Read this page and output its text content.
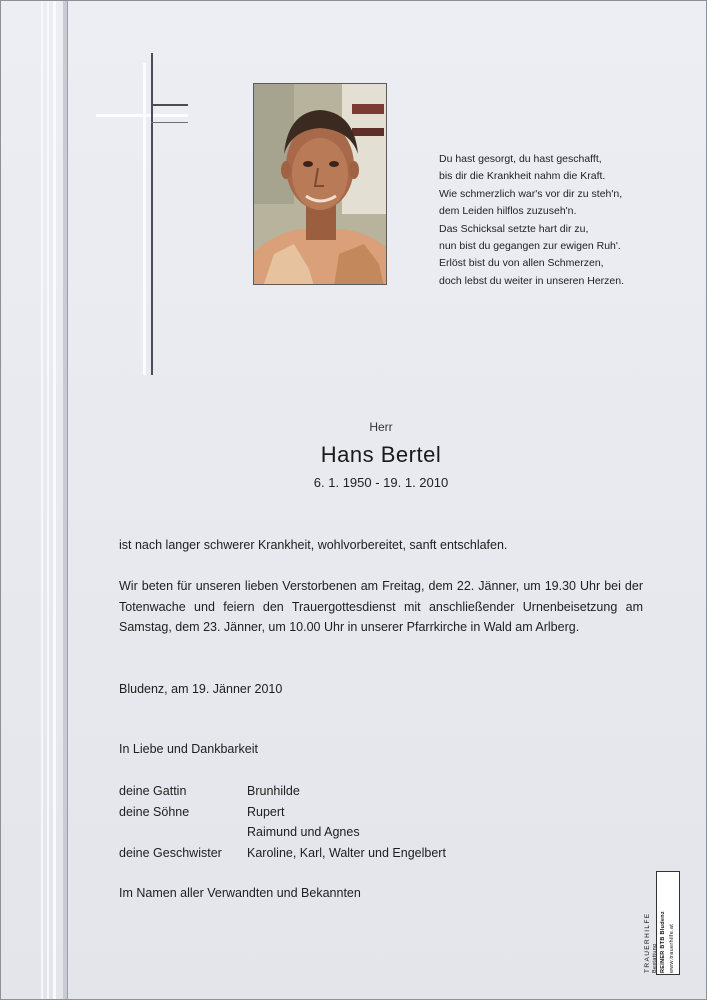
Du hast gesorgt, du hast geschafft,
bis dir die Krankheit nahm die Kraft.
Wie schmerzlich war's vor dir zu steh'n,
dem Leiden hilflos zuzuseh'n.
Das Schicksal setzte hart dir zu,
nun bist du gegangen zur ewigen Ruh'.
Erlöst bist du von allen Schmerzen,
doch lebst du weiter in unseren Herzen.
Herr
Hans Bertel
6. 1. 1950 - 19. 1. 2010
ist nach langer schwerer Krankheit, wohlvorbereitet, sanft entschlafen.
Wir beten für unseren lieben Verstorbenen am Freitag, dem 22. Jänner, um 19.30 Uhr bei der Totenwache und feiern den Trauergottesdienst mit anschließender Urnenbeisetzung am Samstag, dem 23. Jänner, um 10.00 Uhr in unserer Pfarrkirche in Wald am Arlberg.
Bludenz, am 19. Jänner 2010
In Liebe und Dankbarkeit
deine Gattin	Brunhilde
deine Söhne	Rupert
Raimund und Agnes
deine Geschwister	Karoline, Karl, Walter und Engelbert
Im Namen aller Verwandten und Bekannten
TRAUERHILFE Bestattung REINER BTB Bludenz www.trauerhilfe.at
